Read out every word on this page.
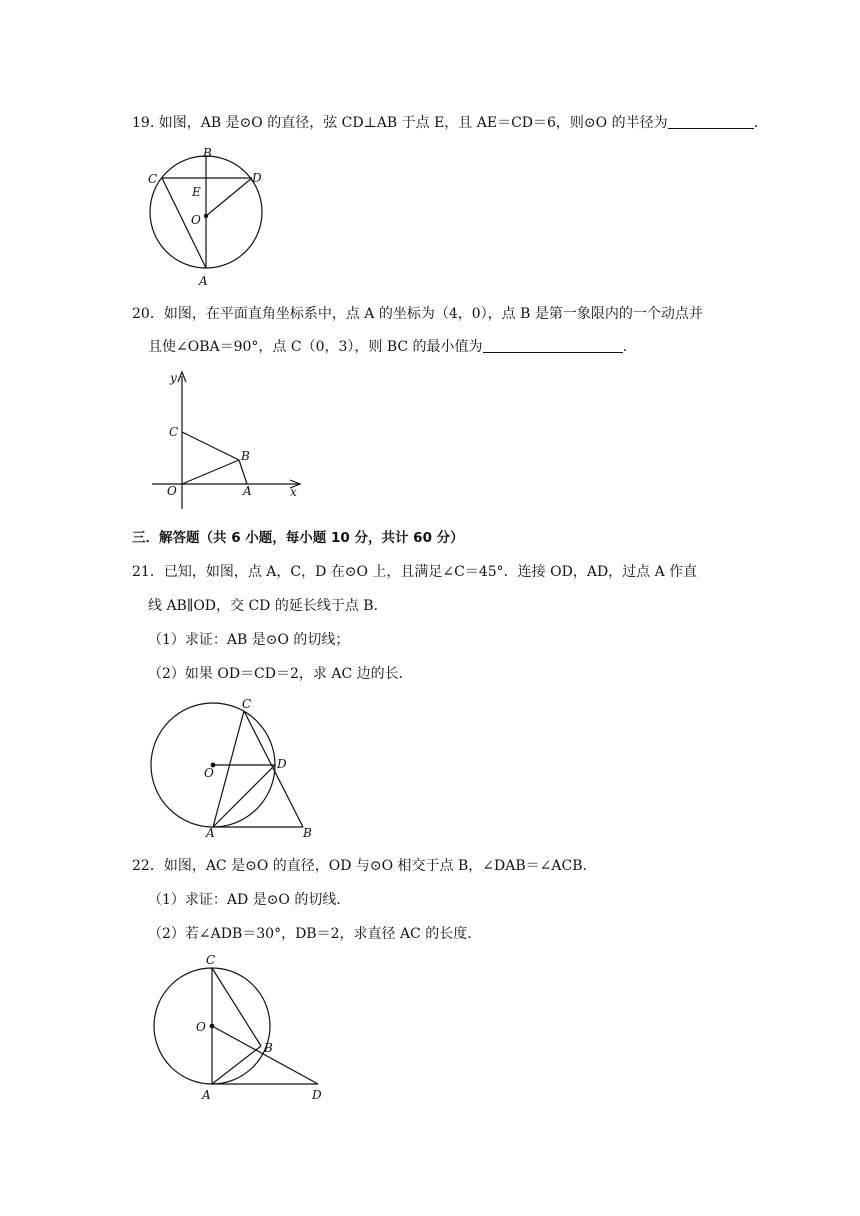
19. 如图，AB 是⊙O 的直径，弦 CD⊥AB 于点 E，且 AE＝CD＝6，则⊙O 的半径为	.
B
C	D
E
O
A
20．如图，在平面直角坐标系中，点 A 的坐标为（4，0），点 B 是第一象限内的一个动点并
且使∠OBA＝90°，点 C（0，3），则 BC 的最小值为	.
y
x
C
B
O	A
三．解答题（共 6 小题，每小题 10 分，共计 60 分）
21．已知，如图，点 A，C，D 在⊙O 上，且满足∠C＝45°．连接 OD，AD，过点 A 作直
线 AB∥OD，交 CD 的延长线于点 B．
（1）求证：AB 是⊙O 的切线；
（2）如果 OD＝CD＝2，求 AC 边的长．
C
O
D
A	B
22．如图，AC 是⊙O 的直径，OD 与⊙O 相交于点 B，∠DAB＝∠ACB．
（1）求证：AD 是⊙O 的切线．
（2）若∠ADB＝30°，DB＝2，求直径 AC 的长度．
C
O
B
A	D
